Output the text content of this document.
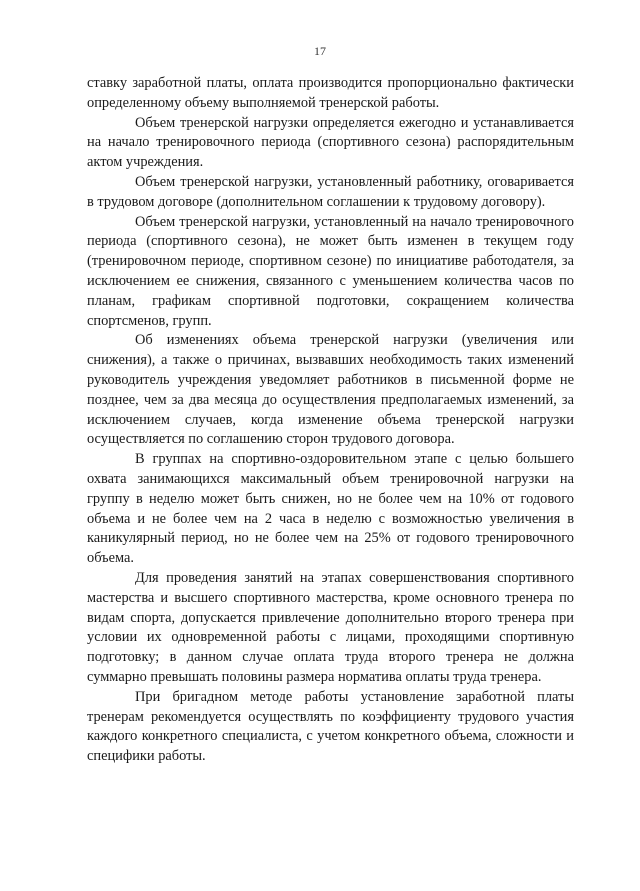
17

ставку заработной платы, оплата производится пропорционально фактически определенному объему выполняемой тренерской работы.

Объем тренерской нагрузки определяется ежегодно и устанавливается на начало тренировочного периода (спортивного сезона) распорядительным актом учреждения.

Объем тренерской нагрузки, установленный работнику, оговаривается в трудовом договоре (дополнительном соглашении к трудовому договору).

Объем тренерской нагрузки, установленный на начало тренировочного периода (спортивного сезона), не может быть изменен в текущем году (тренировочном периоде, спортивном сезоне) по инициативе работодателя, за исключением ее снижения, связанного с уменьшением количества часов по планам, графикам спортивной подготовки, сокращением количества спортсменов, групп.

Об изменениях объема тренерской нагрузки (увеличения или снижения), а также о причинах, вызвавших необходимость таких изменений руководитель учреждения уведомляет работников в письменной форме не позднее, чем за два месяца до осуществления предполагаемых изменений, за исключением случаев, когда изменение объема тренерской нагрузки осуществляется по соглашению сторон трудового договора.

В группах на спортивно-оздоровительном этапе с целью большего охвата занимающихся максимальный объем тренировочной нагрузки на группу в неделю может быть снижен, но не более чем на 10% от годового объема и не более чем на 2 часа в неделю с возможностью увеличения в каникулярный период, но не более чем на 25% от годового тренировочного объема.

Для проведения занятий на этапах совершенствования спортивного мастерства и высшего спортивного мастерства, кроме основного тренера по видам спорта, допускается привлечение дополнительно второго тренера при условии их одновременной работы с лицами, проходящими спортивную подготовку; в данном случае оплата труда второго тренера не должна суммарно превышать половины размера норматива оплаты труда тренера.

При бригадном методе работы установление заработной платы тренерам рекомендуется осуществлять по коэффициенту трудового участия каждого конкретного специалиста, с учетом конкретного объема, сложности и специфики работы.
